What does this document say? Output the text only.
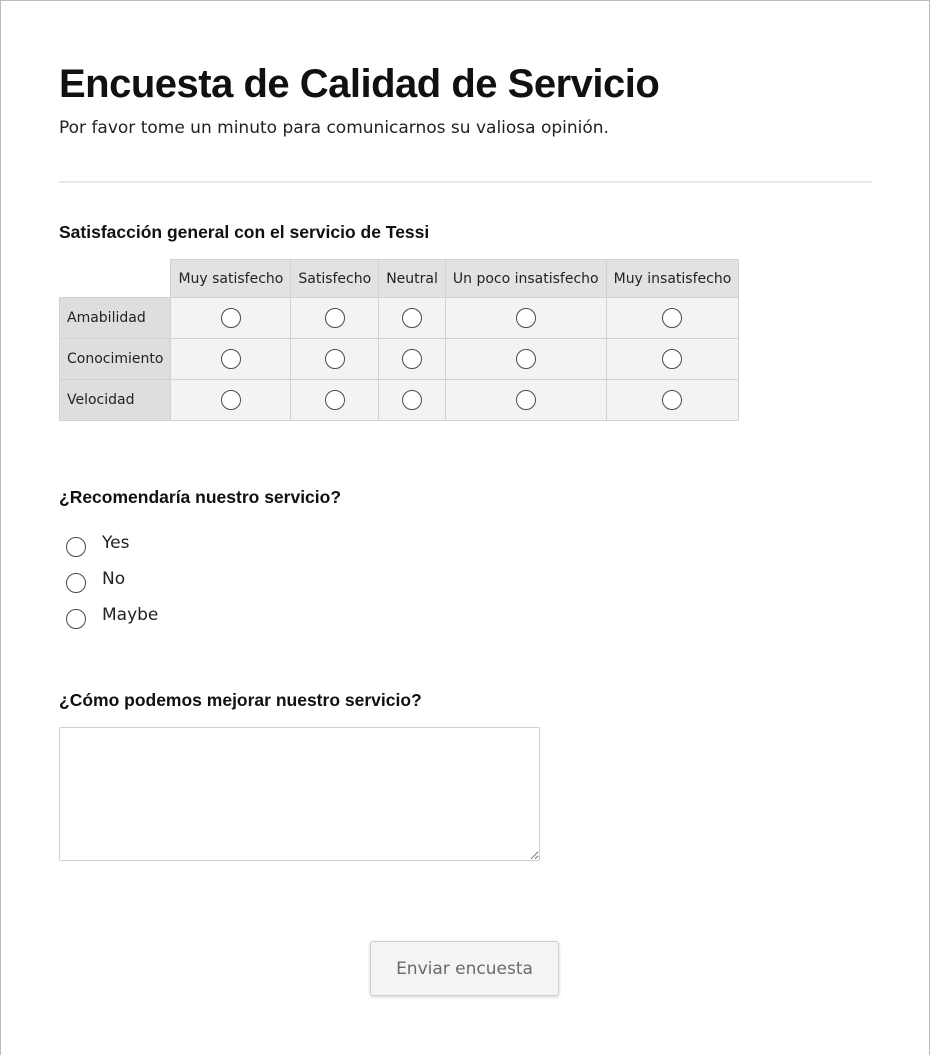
Encuesta de Calidad de Servicio

Por favor tome un minuto para comunicarnos su valiosa opinión.

Satisfacción general con el servicio de Tessi

	Muy satisfecho	Satisfecho	Neutral	Un poco insatisfecho	Muy insatisfecho
Amabilidad					
Conocimiento					
Velocidad					

¿Recomendaría nuestro servicio?

Yes
No
Maybe

¿Cómo podemos mejorar nuestro servicio?

Enviar encuesta
